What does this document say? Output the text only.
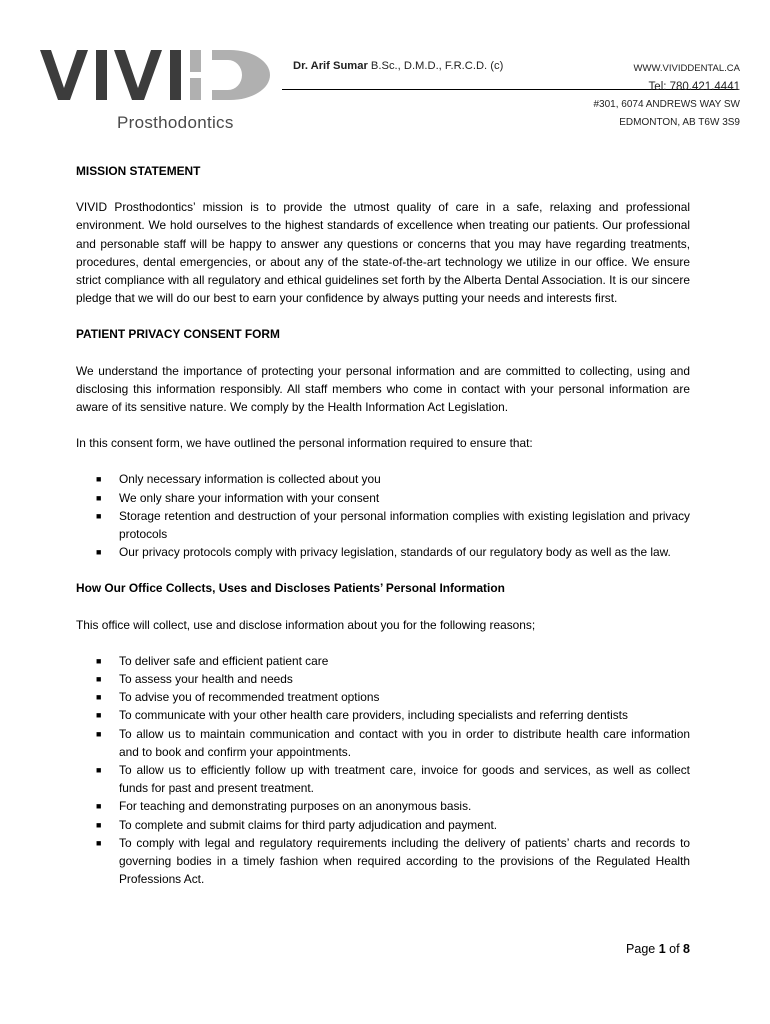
Prosthodontics
Dr. Arif Sumar B.Sc., D.M.D., F.R.C.D. (c)	WWW.VIVIDDENTAL.CA
Tel: 780.421.4441
#301, 6074 ANDREWS WAY SW
EDMONTON, AB T6W 3S9
MISSION STATEMENT

VIVID Prosthodontics’ mission is to provide the utmost quality of care in a safe, relaxing and professional environment. We hold ourselves to the highest standards of excellence when treating our patients. Our professional and personable staff will be happy to answer any questions or concerns that you may have regarding treatments, procedures, dental emergencies, or about any of the state-of-the-art technology we utilize in our office. We ensure strict compliance with all regulatory and ethical guidelines set forth by the Alberta Dental Association. It is our sincere pledge that we will do our best to earn your confidence by always putting your needs and interests first.

PATIENT PRIVACY CONSENT FORM

We understand the importance of protecting your personal information and are committed to collecting, using and disclosing this information responsibly. All staff members who come in contact with your personal information are aware of its sensitive nature. We comply by the Health Information Act Legislation.

In this consent form, we have outlined the personal information required to ensure that:

■ Only necessary information is collected about you
■ We only share your information with your consent
■ Storage retention and destruction of your personal information complies with existing legislation and privacy protocols
■ Our privacy protocols comply with privacy legislation, standards of our regulatory body as well as the law.
How Our Office Collects, Uses and Discloses Patients’ Personal Information

This office will collect, use and disclose information about you for the following reasons;

■ To deliver safe and efficient patient care
■ To assess your health and needs
■ To advise you of recommended treatment options
■ To communicate with your other health care providers, including specialists and referring dentists
■ To allow us to maintain communication and contact with you in order to distribute health care information and to book and confirm your appointments.
■ To allow us to efficiently follow up with treatment care, invoice for goods and services, as well as collect funds for past and present treatment.
■ For teaching and demonstrating purposes on an anonymous basis.
■ To complete and submit claims for third party adjudication and payment.
■ To comply with legal and regulatory requirements including the delivery of patients’ charts and records to governing bodies in a timely fashion when required according to the provisions of the Regulated Health Professions Act.
Page 1 of 8
